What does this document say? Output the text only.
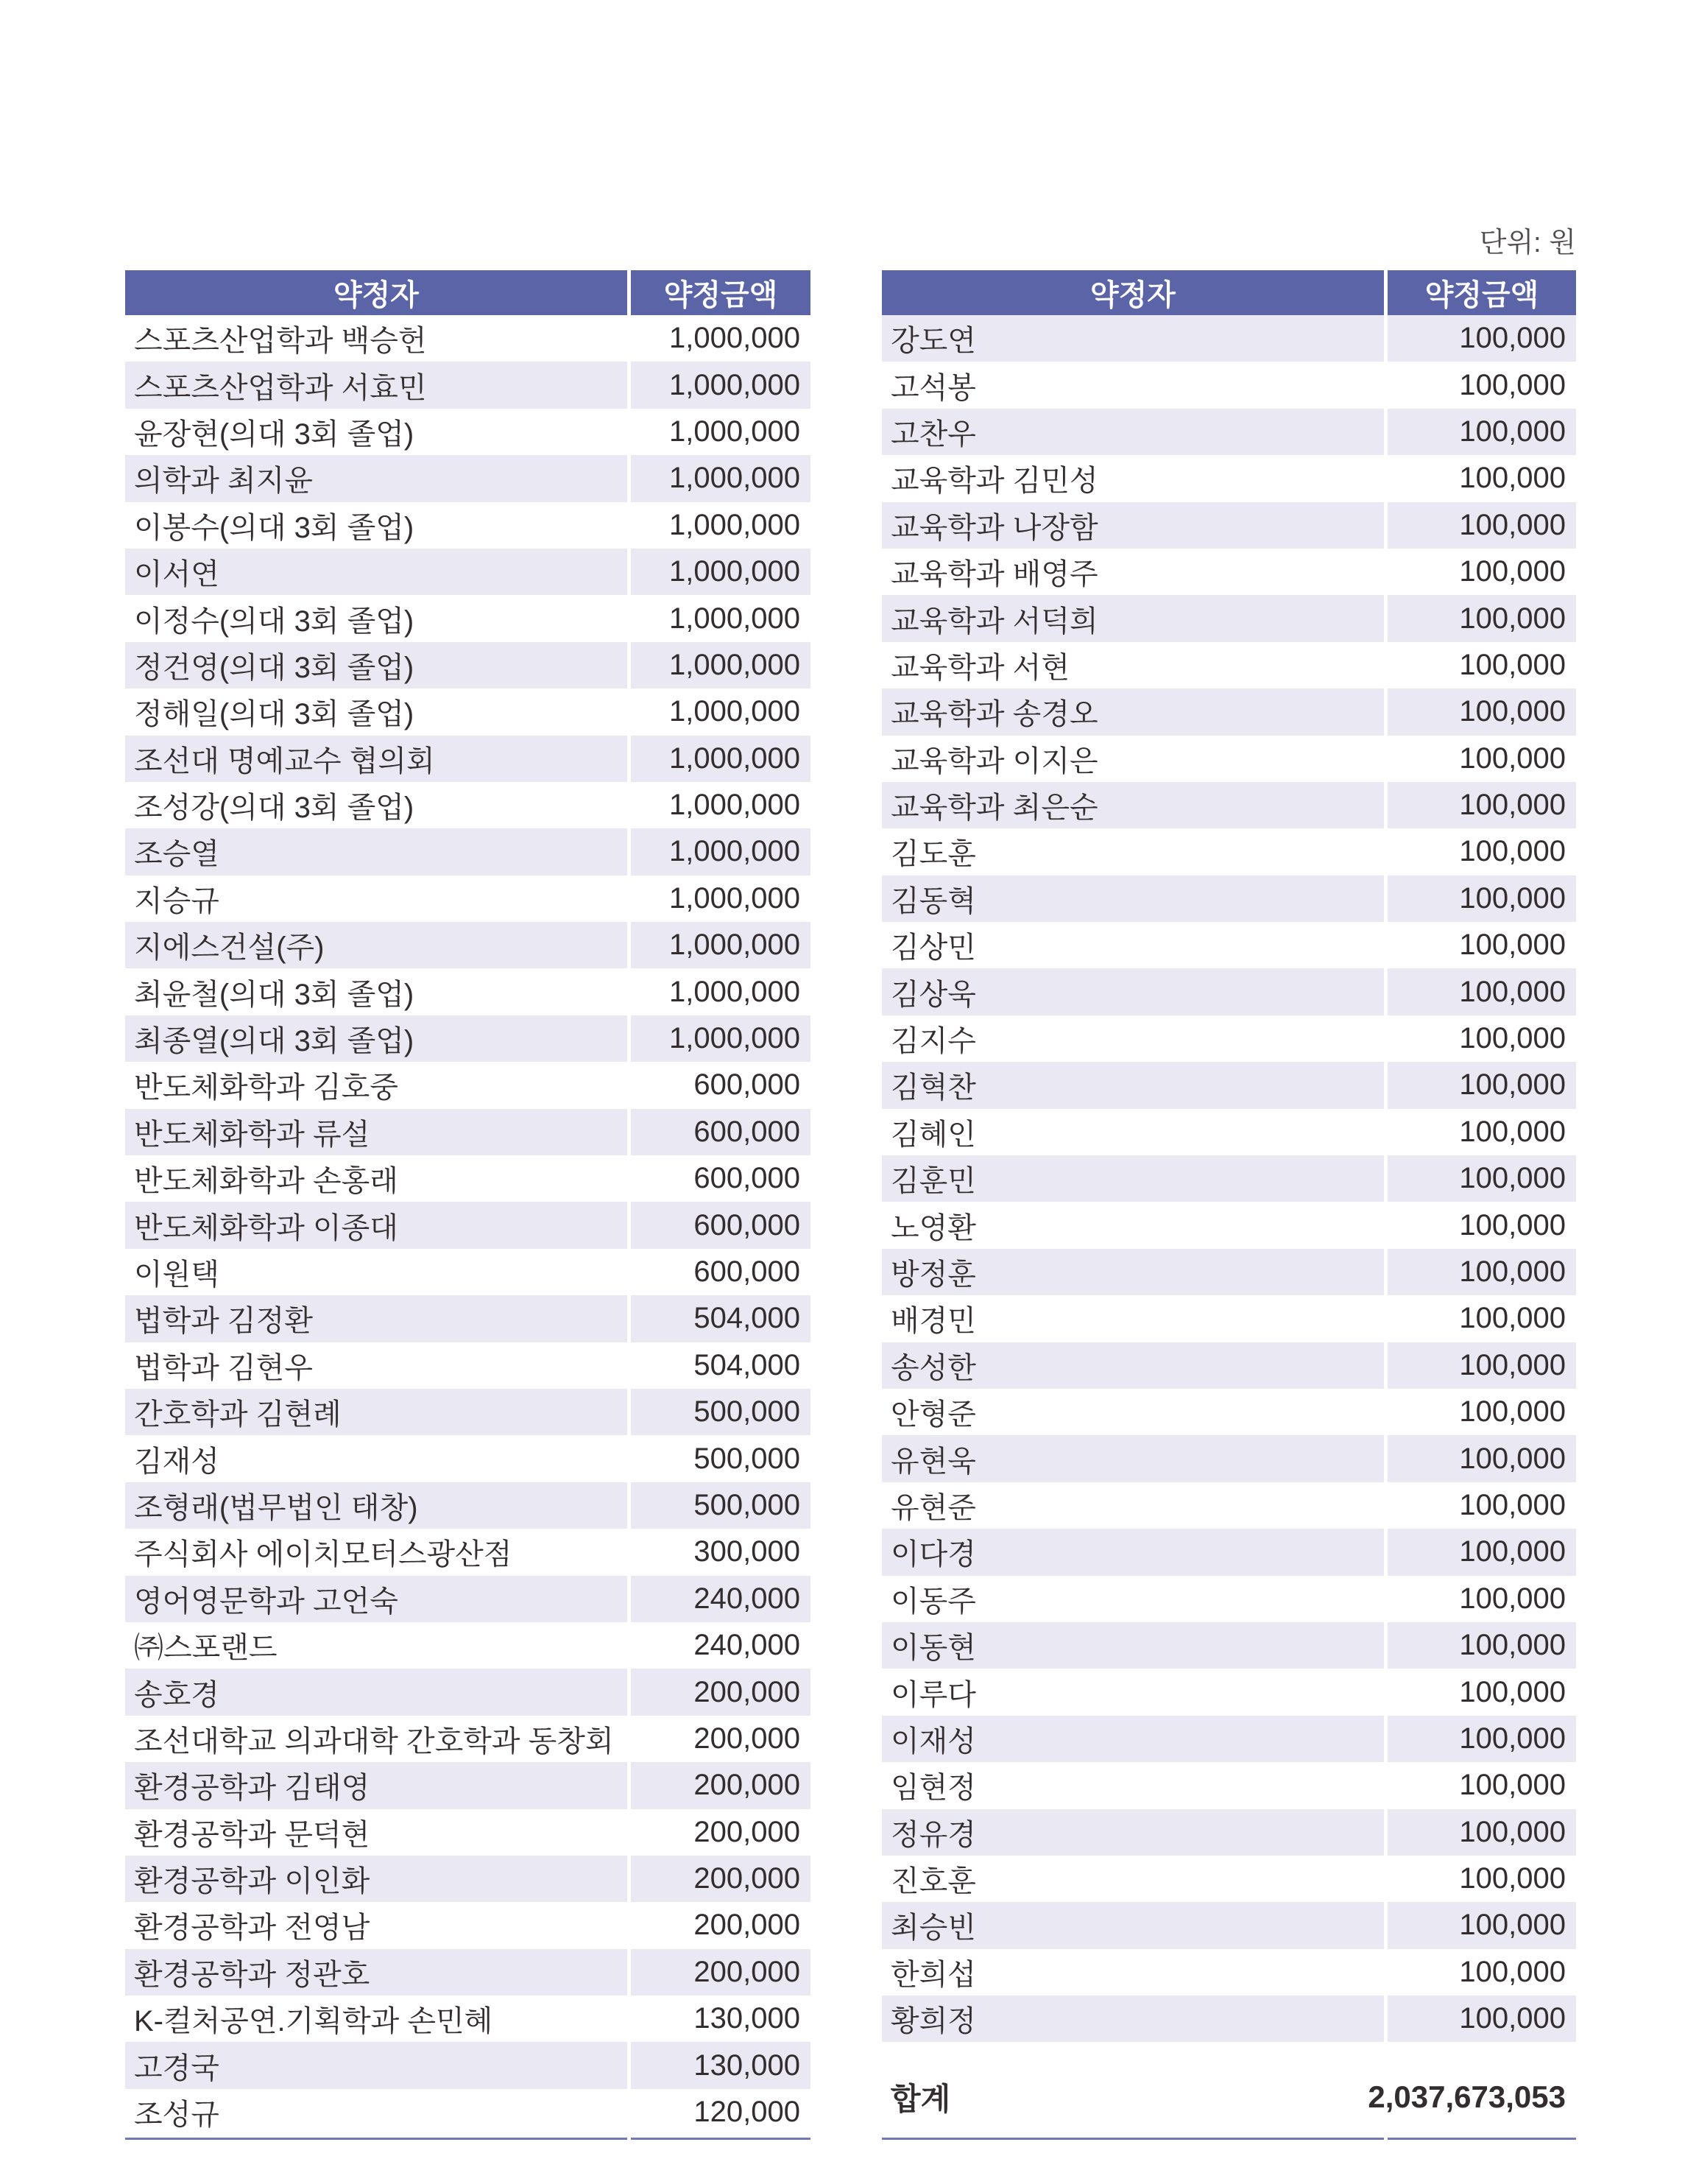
단위: 원
약정자	약정금액
스포츠산업학과 백승헌	1,000,000
스포츠산업학과 서효민	1,000,000
윤장현(의대 3회 졸업)	1,000,000
의학과 최지윤	1,000,000
이봉수(의대 3회 졸업)	1,000,000
이서연	1,000,000
이정수(의대 3회 졸업)	1,000,000
정건영(의대 3회 졸업)	1,000,000
정해일(의대 3회 졸업)	1,000,000
조선대 명예교수 협의회	1,000,000
조성강(의대 3회 졸업)	1,000,000
조승열	1,000,000
지승규	1,000,000
지에스건설(주)	1,000,000
최윤철(의대 3회 졸업)	1,000,000
최종열(의대 3회 졸업)	1,000,000
반도체화학과 김호중	600,000
반도체화학과 류설	600,000
반도체화학과 손홍래	600,000
반도체화학과 이종대	600,000
이원택	600,000
법학과 김정환	504,000
법학과 김현우	504,000
간호학과 김현례	500,000
김재성	500,000
조형래(법무법인 태창)	500,000
주식회사 에이치모터스광산점	300,000
영어영문학과 고언숙	240,000
㈜스포랜드	240,000
송호경	200,000
조선대학교 의과대학 간호학과 동창회	200,000
환경공학과 김태영	200,000
환경공학과 문덕현	200,000
환경공학과 이인화	200,000
환경공학과 전영남	200,000
환경공학과 정관호	200,000
K-컬처공연.기획학과 손민혜	130,000
고경국	130,000
조성규	120,000
약정자	약정금액
강도연	100,000
고석봉	100,000
고찬우	100,000
교육학과 김민성	100,000
교육학과 나장함	100,000
교육학과 배영주	100,000
교육학과 서덕희	100,000
교육학과 서현	100,000
교육학과 송경오	100,000
교육학과 이지은	100,000
교육학과 최은순	100,000
김도훈	100,000
김동혁	100,000
김상민	100,000
김상욱	100,000
김지수	100,000
김혁찬	100,000
김혜인	100,000
김훈민	100,000
노영환	100,000
방정훈	100,000
배경민	100,000
송성한	100,000
안형준	100,000
유현욱	100,000
유현준	100,000
이다경	100,000
이동주	100,000
이동현	100,000
이루다	100,000
이재성	100,000
임현정	100,000
정유경	100,000
진호훈	100,000
최승빈	100,000
한희섭	100,000
황희정	100,000
합계	2,037,673,053
